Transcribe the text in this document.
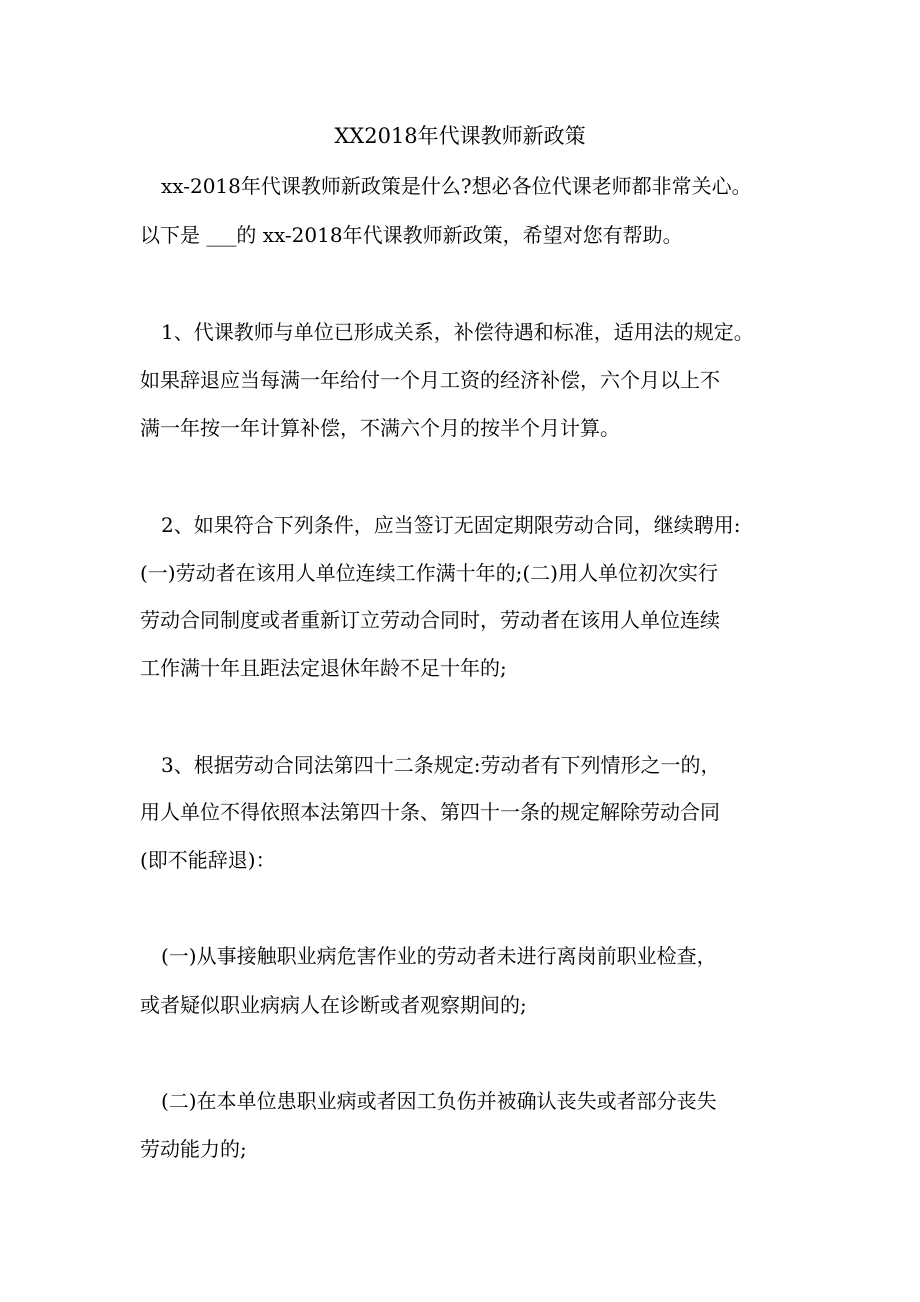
XX2018年代课教师新政策
xx-2018年代课教师新政策是什么?想必各位代课老师都非常关心。
以下是 ___的 xx-2018年代课教师新政策，希望对您有帮助。
1、代课教师与单位已形成关系，补偿待遇和标准，适用法的规定。
如果辞退应当每满一年给付一个月工资的经济补偿，六个月以上不
满一年按一年计算补偿，不满六个月的按半个月计算。
2、如果符合下列条件，应当签订无固定期限劳动合同，继续聘用:
(一)劳动者在该用人单位连续工作满十年的;(二)用人单位初次实行
劳动合同制度或者重新订立劳动合同时，劳动者在该用人单位连续
工作满十年且距法定退休年龄不足十年的;
3、根据劳动合同法第四十二条规定:劳动者有下列情形之一的，
用人单位不得依照本法第四十条、第四十一条的规定解除劳动合同
(即不能辞退)：
(一)从事接触职业病危害作业的劳动者未进行离岗前职业检查，
或者疑似职业病病人在诊断或者观察期间的;
(二)在本单位患职业病或者因工负伤并被确认丧失或者部分丧失
劳动能力的;
